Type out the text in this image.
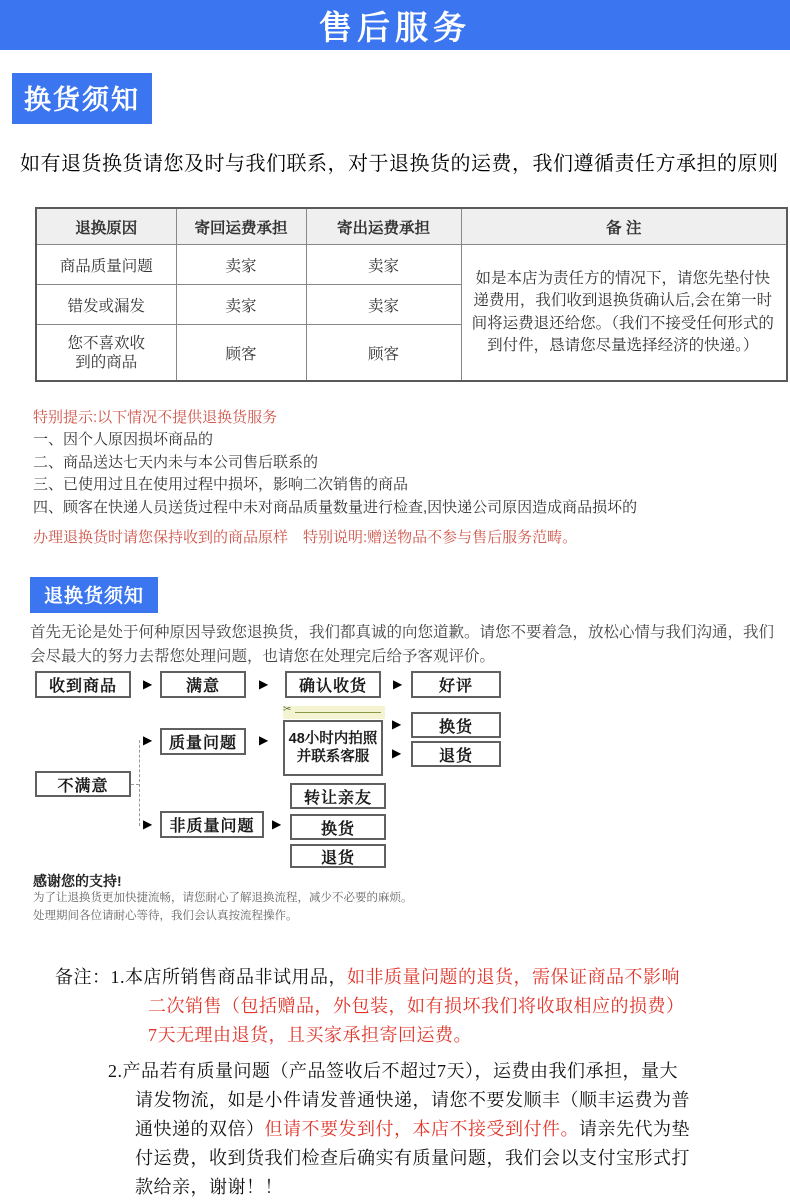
售后服务
换货须知
如有退货换货请您及时与我们联系，对于退换货的运费，我们遵循责任方承担的原则
退换原因	寄回运费承担	寄出运费承担	备 注
商品质量问题	卖家	卖家	如是本店为责任方的情况下，请您先垫付快递费用，我们收到退换货确认后,会在第一时间将运费退还给您。（我们不接受任何形式的到付件，恳请您尽量选择经济的快递。）
错发或漏发	卖家	卖家	
您不喜欢收到的商品	顾客	顾客	
特别提示:以下情况不提供退换货服务
一、因个人原因损坏商品的
二、商品送达七天内未与本公司售后联系的
三、已使用过且在使用过程中损坏，影响二次销售的商品
四、顾客在快递人员送货过程中未对商品质量数量进行检查,因快递公司原因造成商品损坏的
办理退换货时请您保持收到的商品原样　特别说明:赠送物品不参与售后服务范畴。
退换货须知
首先无论是处于何种原因导致您退换货，我们都真诚的向您道歉。请您不要着急，放松心情与我们沟通，我们会尽最大的努力去帮您处理问题，也请您在处理完后给予客观评价。
收到商品	▶	满意	▶	确认收货	▶	好评
✂
▶	质量问题	▶ 48小时内拍照
并联系客服
▶	换货
▶	退货
不满意
▶	非质量问题	▶
转让亲友
换货
退货
感谢您的支持!
为了让退换货更加快捷流畅，请您耐心了解退换流程，减少不必要的麻烦。
处理期间各位请耐心等待，我们会认真按流程操作。
备注：1.本店所销售商品非试用品，如非质量问题的退货，需保证商品不影响
二次销售（包括赠品，外包装，如有损坏我们将收取相应的损费）
7天无理由退货，且买家承担寄回运费。
2.产品若有质量问题（产品签收后不超过7天），运费由我们承担，量大
请发物流，如是小件请发普通快递，请您不要发顺丰（顺丰运费为普
通快递的双倍）但请不要发到付，本店不接受到付件。请亲先代为垫
付运费，收到货我们检查后确实有质量问题，我们会以支付宝形式打
款给亲，谢谢！！
